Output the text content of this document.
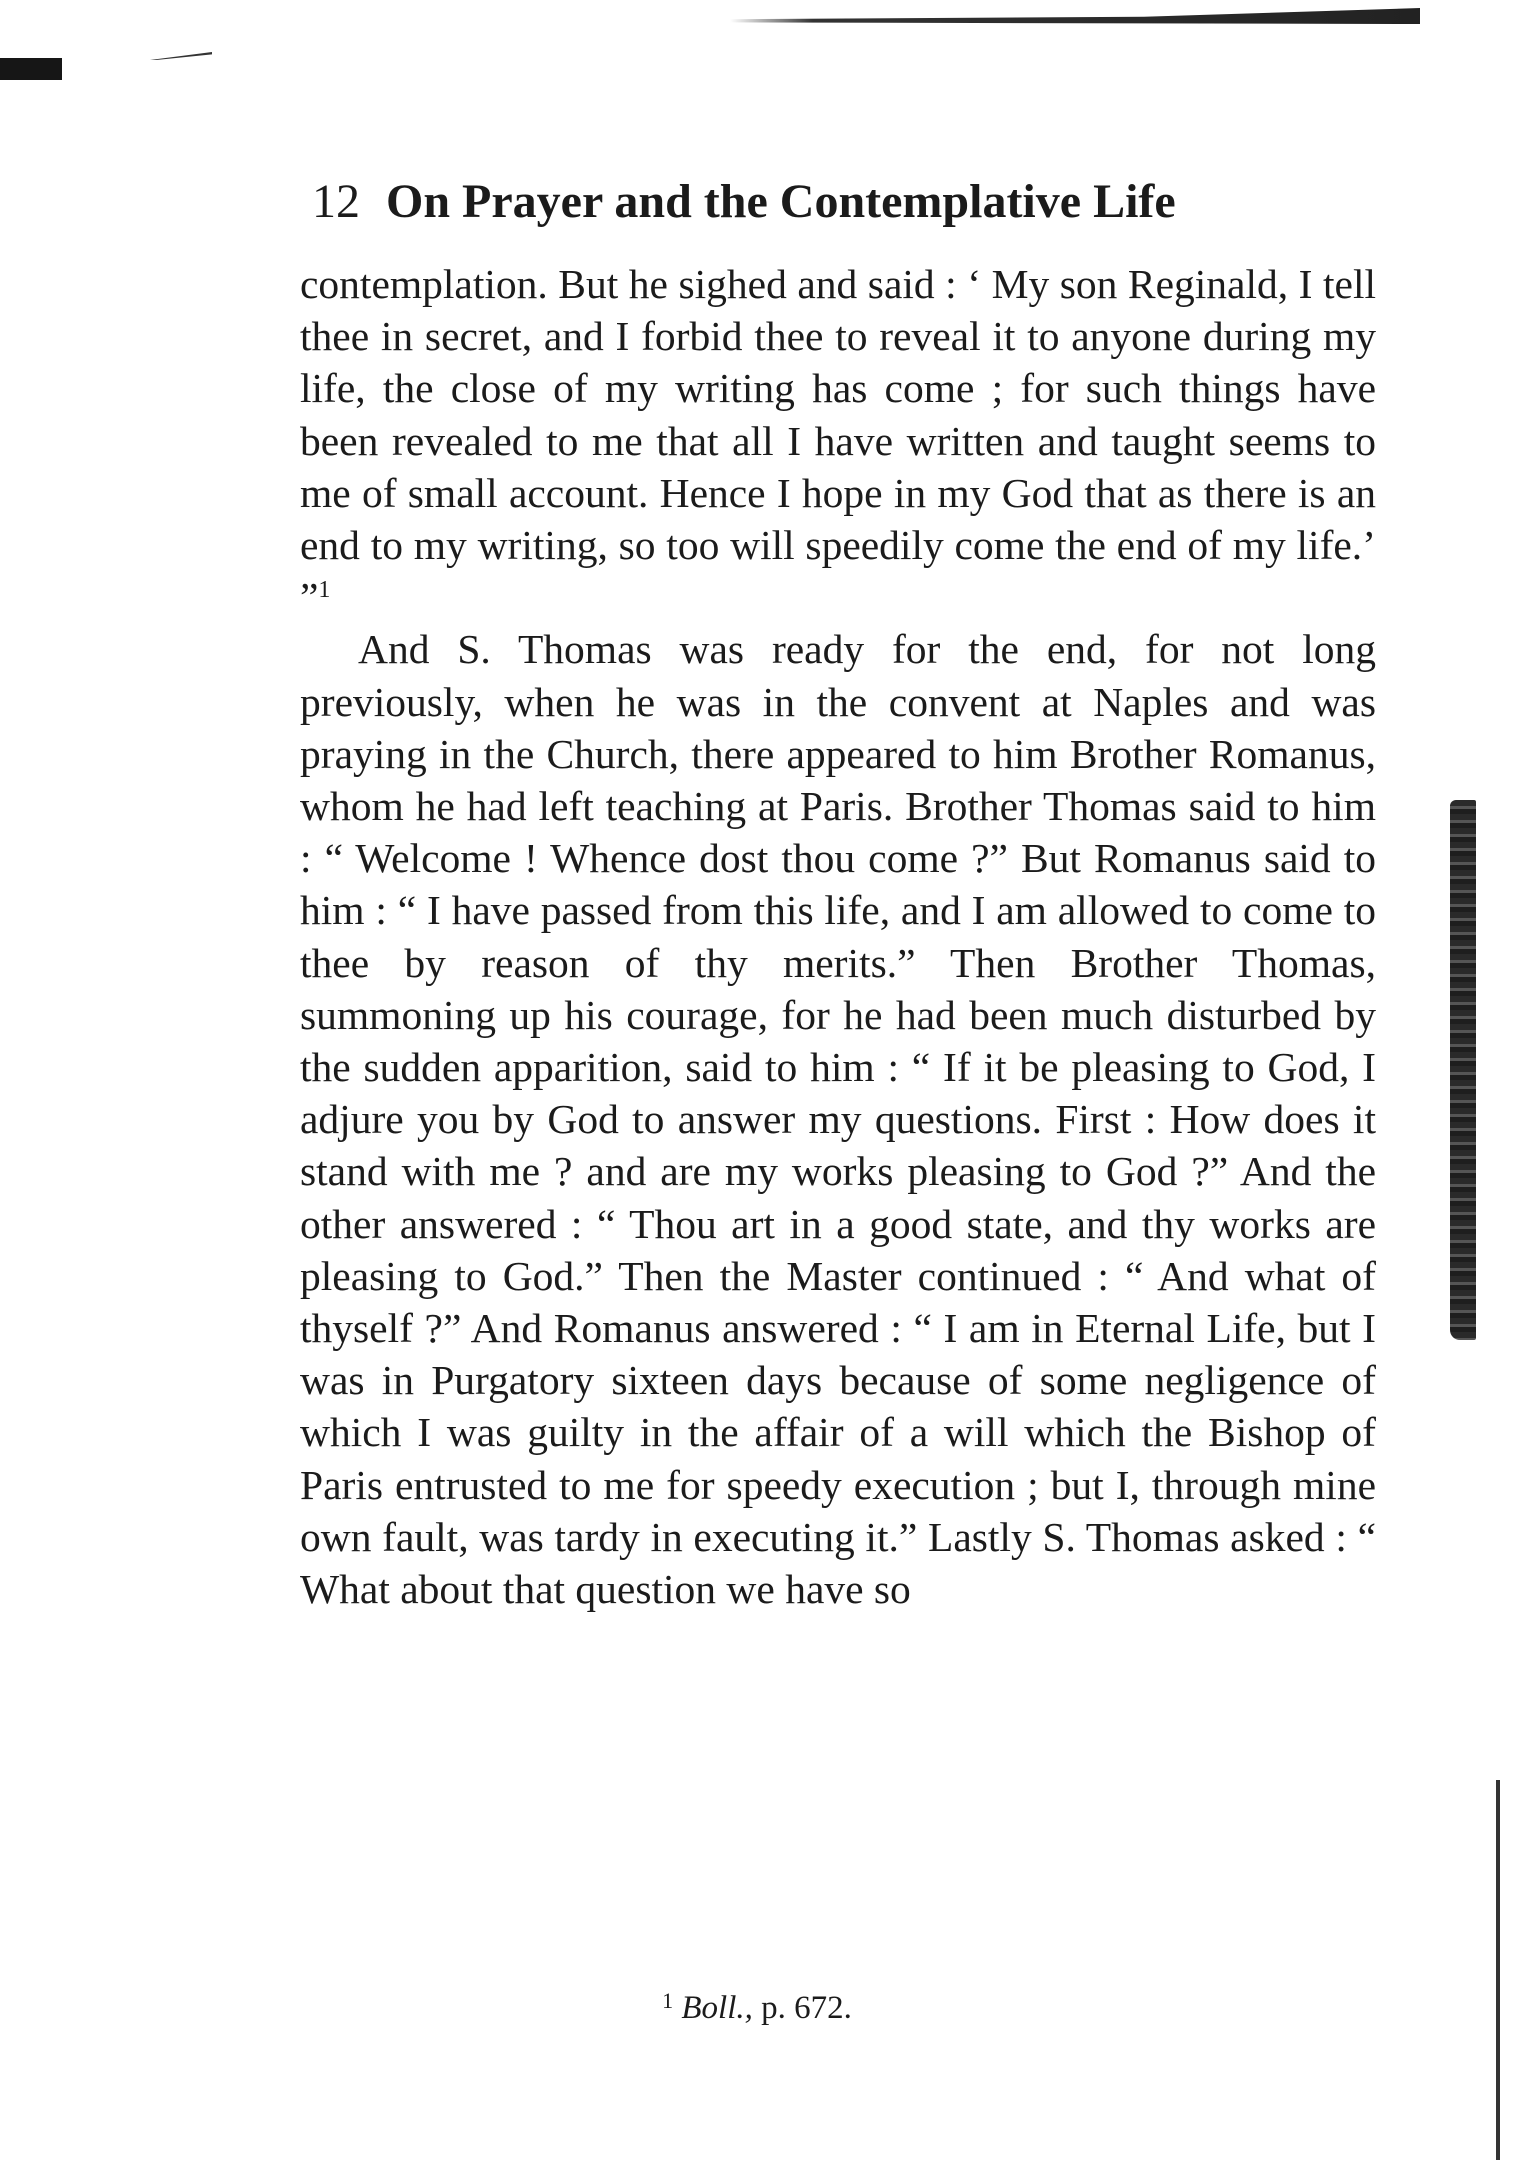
12 On Prayer and the Contemplative Life

contemplation. But he sighed and said : ‘ My son Reginald, I tell thee in secret, and I forbid thee to reveal it to anyone during my life, the close of my writing has come ; for such things have been revealed to me that all I have written and taught seems to me of small account. Hence I hope in my God that as there is an end to my writing, so too will speedily come the end of my life.’ ”$^1$

And S. Thomas was ready for the end, for not long previously, when he was in the convent at Naples and was praying in the Church, there appeared to him Brother Romanus, whom he had left teaching at Paris. Brother Thomas said to him : “ Welcome ! Whence dost thou come ?” But Romanus said to him : “ I have passed from this life, and I am allowed to come to thee by reason of thy merits.” Then Brother Thomas, summoning up his courage, for he had been much disturbed by the sudden apparition, said to him : “ If it be pleasing to God, I adjure you by God to answer my questions. First : How does it stand with me ? and are my works pleasing to God ?” And the other answered : “ Thou art in a good state, and thy works are pleasing to God.” Then the Master continued : “ And what of thyself ?” And Romanus answered : “ I am in Eternal Life, but I was in Purgatory sixteen days because of some negligence of which I was guilty in the affair of a will which the Bishop of Paris entrusted to me for speedy execution ; but I, through mine own fault, was tardy in executing it.” Lastly S. Thomas asked : “ What about that question we have so

$^1$ Boll., p. 672.
